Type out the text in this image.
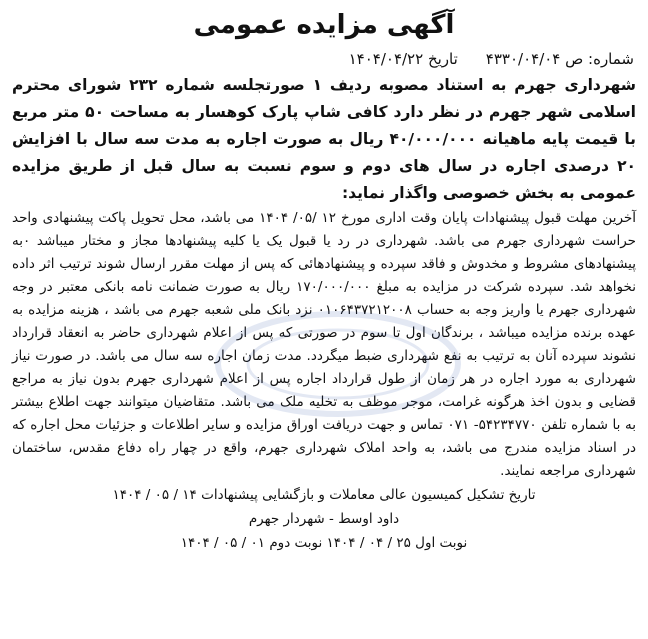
آگهی مزایده عمومی
شماره: ص ۴۳۳۰/۰۴/۰۴
تاریخ ۱۴۰۴/۰۴/۲۲

شهرداری جهرم به استناد مصوبه ردیف ۱ صورتجلسه شماره ۲۳۲ شورای محترم اسلامی شهر جهرم در نظر دارد کافی شاپ پارک کوهسار به مساحت ۵۰ متر مربع با قیمت پایه ماهیانه ۴۰/۰۰۰/۰۰۰ ریال به صورت اجاره به مدت سه سال با افزایش ۲۰ درصدی اجاره در سال های دوم و سوم نسبت به سال قبل از طریق مزایده عمومی به بخش خصوصی واگذار نماید:

آخرین مهلت قبول پیشنهادات پایان وقت اداری مورخ ۱۲ /۰۵/ ۱۴۰۴ می باشد، محل تحویل پاکت پیشنهادی واحد حراست شهرداری جهرم می باشد. شهرداری در رد یا قبول یک یا کلیه پیشنهادها مجاز و مختار میباشد ۰به پیشنهادهای مشروط و مخدوش و فاقد سپرده و پیشنهادهائی که پس از مهلت مقرر ارسال شوند ترتیب اثر داده نخواهد شد. سپرده شرکت در مزایده به مبلغ ۱۷۰/۰۰۰/۰۰۰ ریال به صورت ضمانت نامه بانکی معتبر در وجه شهرداری جهرم یا واریز وجه به حساب ۰۱۰۶۴۳۷۲۱۲۰۰۸ نزد بانک ملی شعبه جهرم می باشد ، هزینه مزایده به عهده برنده مزایده میباشد ، برندگان اول تا سوم در صورتی که پس از اعلام شهرداری حاضر به انعقاد قرارداد نشوند سپرده آنان به ترتیب به نفع شهرداری ضبط میگردد. مدت زمان اجاره سه سال می باشد. در صورت نیاز شهرداری به مورد اجاره در هر زمان از طول قرارداد اجاره پس از اعلام شهرداری جهرم بدون نیاز به مراجع قضایی و بدون اخذ هرگونه غرامت، موجر موظف به تخلیه ملک می باشد. متقاضیان میتوانند جهت اطلاع بیشتر به با شماره تلفن ۵۴۲۳۴۷۷۰- ۰۷۱ تماس و جهت دریافت اوراق مزایده و سایر اطلاعات و جزئیات محل اجاره که در اسناد مزایده مندرج می باشد، به واحد املاک شهرداری جهرم، واقع در چهار راه دفاع مقدس، ساختمان شهرداری مراجعه نمایند.

تاریخ تشکیل کمیسیون عالی معاملات و بازگشایی پیشنهادات ۱۴ / ۰۵ / ۱۴۰۴
داود اوسط - شهردار جهرم
نوبت اول ۲۵ / ۰۴ / ۱۴۰۴ نوبت دوم ۰۱ / ۰۵ / ۱۴۰۴
